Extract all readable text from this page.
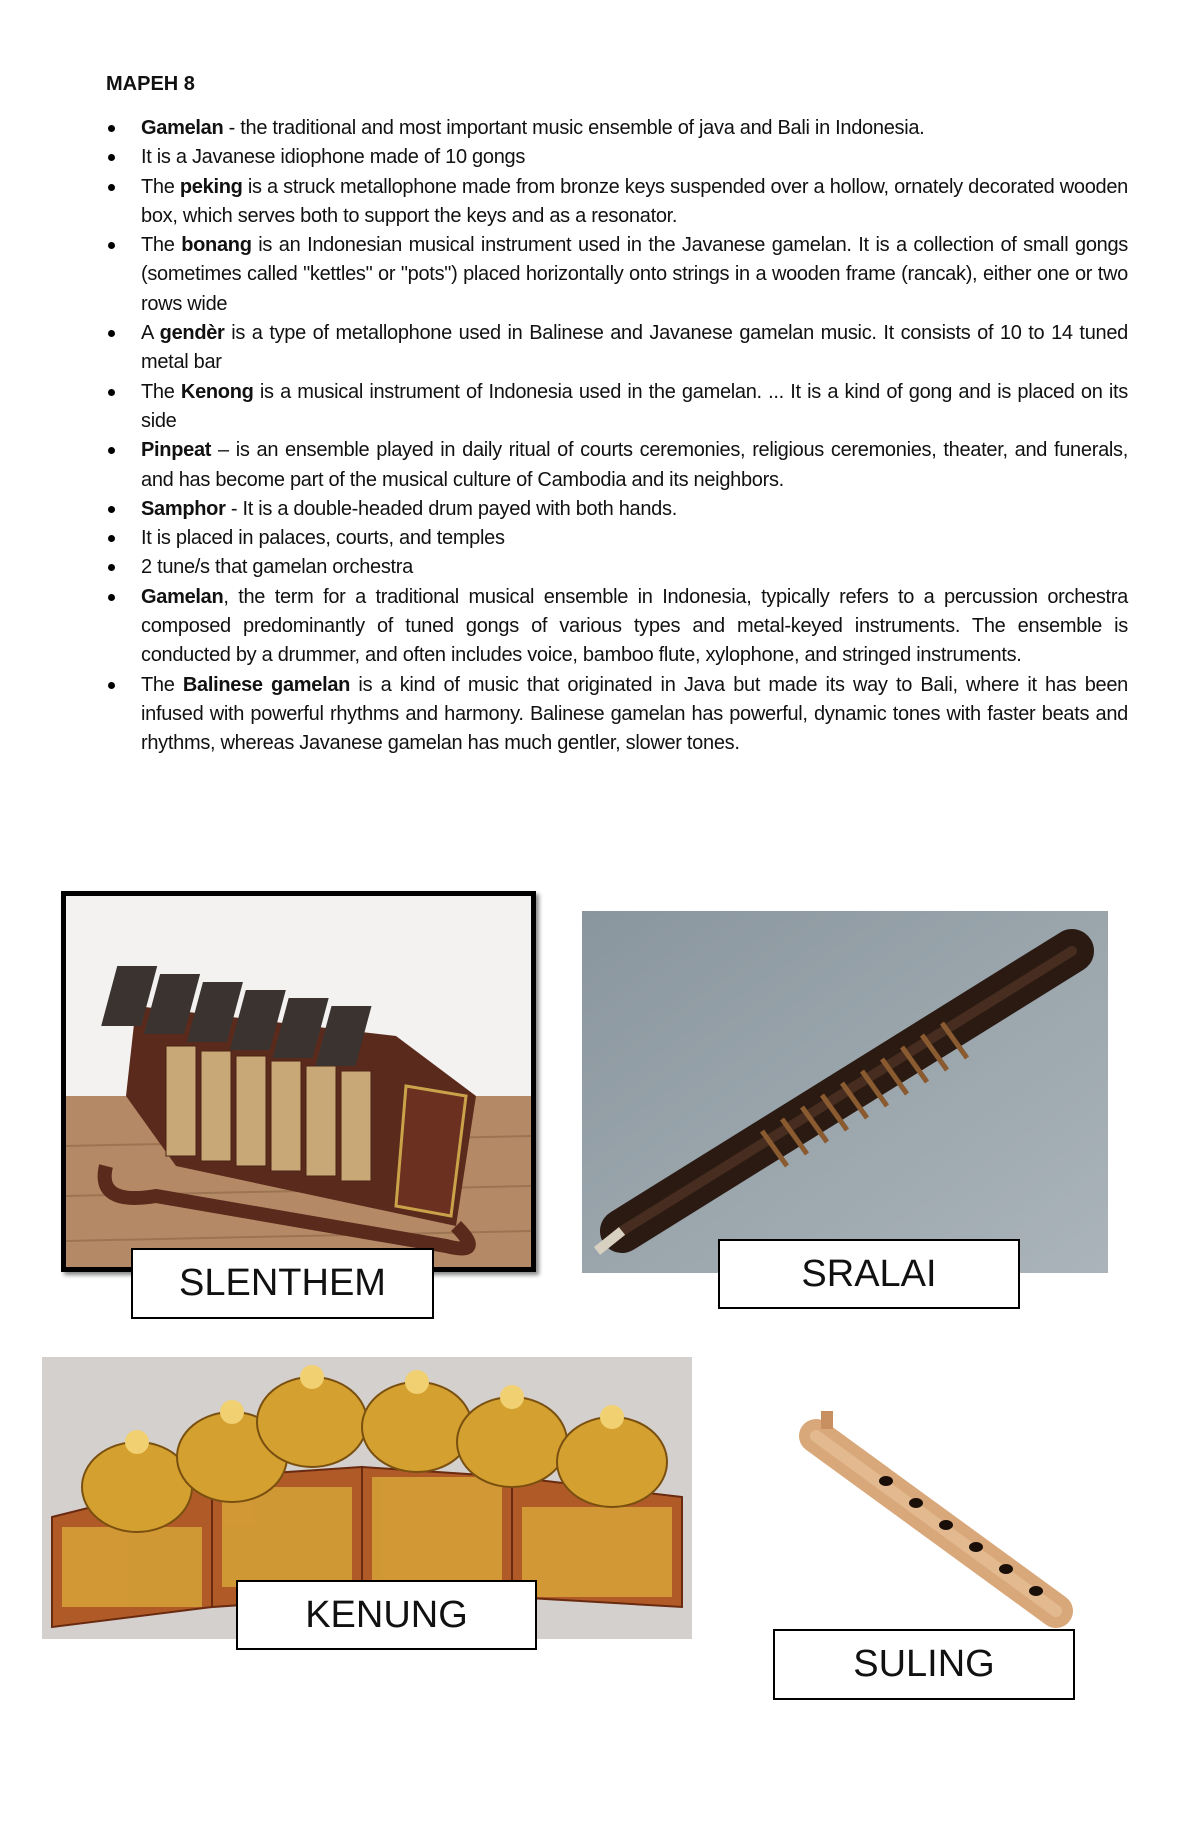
MAPEH 8
Gamelan - the traditional and most important music ensemble of java and Bali in Indonesia.
It is a Javanese idiophone made of 10 gongs
The peking is a struck metallophone made from bronze keys suspended over a hollow, ornately decorated wooden box, which serves both to support the keys and as a resonator.
The bonang is an Indonesian musical instrument used in the Javanese gamelan. It is a collection of small gongs (sometimes called "kettles" or "pots") placed horizontally onto strings in a wooden frame (rancak), either one or two rows wide
A gendèr is a type of metallophone used in Balinese and Javanese gamelan music. It consists of 10 to 14 tuned metal bar
The Kenong is a musical instrument of Indonesia used in the gamelan. ... It is a kind of gong and is placed on its side
Pinpeat – is an ensemble played in daily ritual of courts ceremonies, religious ceremonies, theater, and funerals, and has become part of the musical culture of Cambodia and its neighbors.
Samphor - It is a double-headed drum payed with both hands.
It is placed in palaces, courts, and temples
2 tune/s that gamelan orchestra
Gamelan, the term for a traditional musical ensemble in Indonesia, typically refers to a percussion orchestra composed predominantly of tuned gongs of various types and metal-keyed instruments. The ensemble is conducted by a drummer, and often includes voice, bamboo flute, xylophone, and stringed instruments.
The Balinese gamelan is a kind of music that originated in Java but made its way to Bali, where it has been infused with powerful rhythms and harmony. Balinese gamelan has powerful, dynamic tones with faster beats and rhythms, whereas Javanese gamelan has much gentler, slower tones.
SLENTHEM	SRALAI
KENUNG
SULING
